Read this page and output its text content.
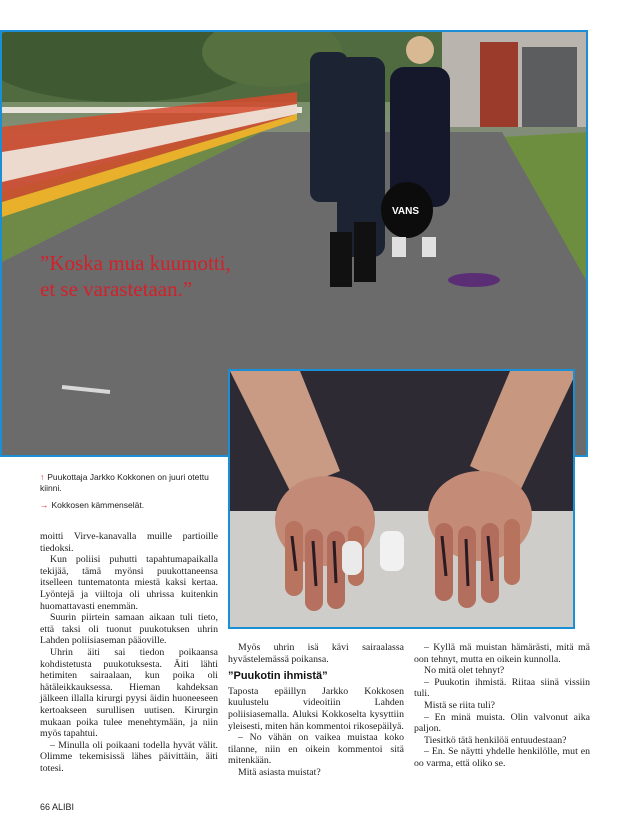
VANS
”Koska mua kuumotti,
et se varastetaan.”
↑ Puukottaja Jarkko Kokkonen on juuri otettu kiinni.
→ Kokkosen kämmenselät.

moitti Virve-kanavalla muille partioille tiedoksi.

Kun poliisi puhutti tapahtumapaikalla tekijää, tämä myönsi puukottaneensa itselleen tuntematonta miestä kaksi kertaa. Lyöntejä ja viiltoja oli uhrissa kuitenkin huomattavasti enemmän.

Suurin piirtein samaan aikaan tuli tieto, että taksi oli tuonut puukotuksen uhrin Lahden poliisiaseman pääoville.

Uhrin äiti sai tiedon poikaansa kohdistetusta puukotuksesta. Äiti lähti hetimiten sairaalaan, kun poika oli hätäleikkauksessa. Hieman kahdeksan jälkeen illalla kirurgi pyysi äidin huoneeseen kertoakseen surullisen uutisen. Kirurgin mukaan poika tulee menehtymään, ja niin myös tapahtui.

– Minulla oli poikaani todella hyvät välit. Olimme tekemisissä lähes päivittäin, äiti totesi.

Myös uhrin isä kävi sairaalassa hyvästelemässä poikansa.

”Puukotin ihmistä”

Taposta epäillyn Jarkko Kokkosen kuulustelu videoitiin Lahden poliisiasemalla. Aluksi Kokkoselta kysyttiin yleisesti, miten hän kommentoi rikosepäilyä.

– No vähän on vaikea muistaa koko tilanne, niin en oikein kommentoi sitä mitenkään.

Mitä asiasta muistat?

– Kyllä mä muistan hämärästi, mitä mä oon tehnyt, mutta en oikein kunnolla.

No mitä olet tehnyt?

– Puukotin ihmistä. Riitaa siinä vissiin tuli.

Mistä se riita tuli?

– En minä muista. Olin valvonut aika paljon.

Tiesitkö tätä henkilöä entuudestaan?

– En. Se näytti yhdelle henkilölle, mut en oo varma, että oliko se.

66 ALIBI
